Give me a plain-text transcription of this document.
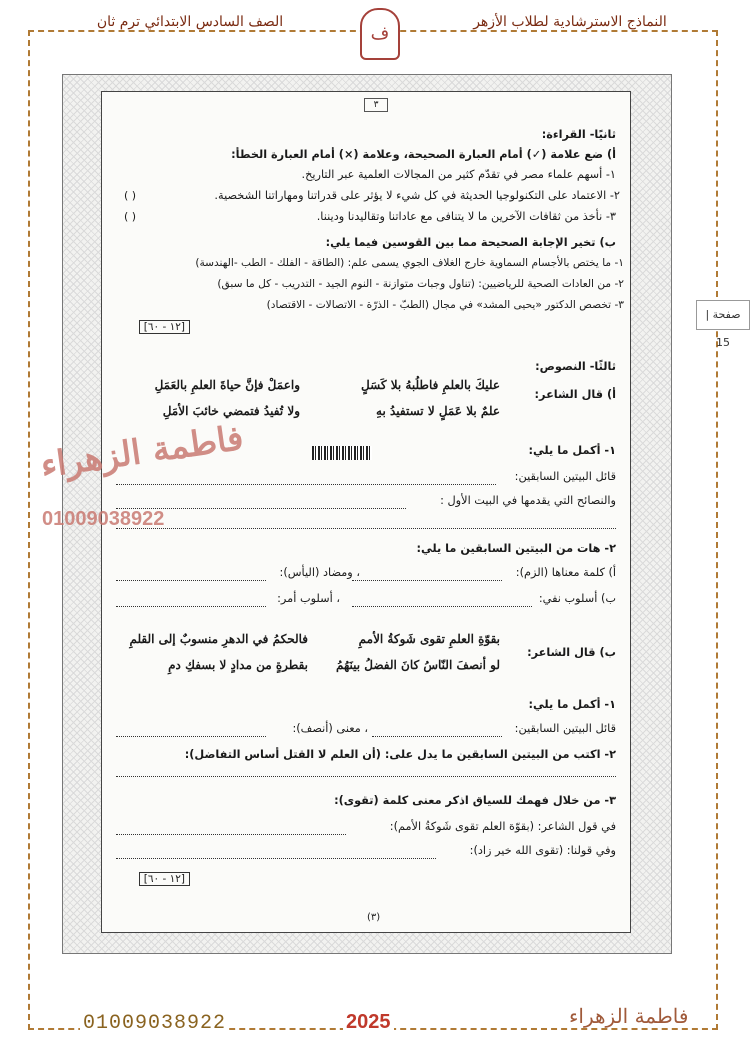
النماذج الاسترشادية لطلاب الأزهر
ف
الصف السادس الابتدائي ترم ثان
٣
ثانيًا- القراءة:
أ) ضع علامة (✓) أمام العبارة الصحيحة، وعلامة (×) أمام العبارة الخطأ:
١- أسهم علماء مصر في تقدّم كثير من المجالات العلمية عبر التاريخ.
٢- الاعتماد على التكنولوجيا الحديثة في كل شيء لا يؤثر على قدراتنا ومهاراتنا الشخصية.
( )
٣- نأخذ من ثقافات الآخرين ما لا يتنافى مع عاداتنا وتقاليدنا وديننا.
( )
ب) تخير الإجابة الصحيحة مما بين القوسين فيما يلي:
١- ما يختص بالأجسام السماوية خارج الغلاف الجوي يسمى علم: (الطاقة - الفلك - الطب -الهندسة)
٢- من العادات الصحية للرياضيين: (تناول وجبات متوازنة - النوم الجيد - التدريب - كل ما سبق)
٣- تخصص الدكتور «يحيى المشد» في مجال (الطبّ - الذرّة - الاتصالات - الاقتصاد)
[١٢ - ٦٠]
ثالثًا- النصوص:
أ) قال الشاعر:
عليكَ بالعلمِ فاطلُبهُ بلا كَسَلٍ
واعمَلْ فإنَّ حياةَ العلمِ بالعَمَلِ
علمٌ بلا عَمَلٍ لا تستفيدُ بهِ
ولا تُفيدُ فتمضي خائبَ الأمَلِ
١- أكمل ما يلي:
قائل البيتين السابقين:
والنصائح التي يقدمها في البيت الأول :
٢- هات من البيتين السابقين ما يلي:
أ) كلمة معناها (الزم):
، ومضاد (اليأس):
ب) أسلوب نفي:
، أسلوب أمر:
ب) قال الشاعر:
بقوّةِ العلمِ تقوى شَوكةُ الأممِ
فالحكمُ في الدهرِ منسوبٌ إلى القلمِ
لو أنصفَ النّاسُ كانَ الفضلُ بينَهُمُ
بقطرةٍ من مدادٍ لا بسفكِ دمِ
١- أكمل ما يلي:
قائل البيتين السابقين:
، معنى (أنصف):
٢- اكتب من البيتين السابقين ما يدل على: (أن العلم لا القتل أساس التفاضل):
٣- من خلال فهمك للسياق اذكر معنى كلمة (تقوى):
في قول الشاعر: (بقوّة العلم تقوى شَوكةُ الأمم):
وفي قولنا: (تقوى الله خير زاد):
[١٢ - ٦٠]
(٣)
صفحة | 15
فاطمة الزهراء
01009038922
01009038922	2025	فاطمة الزهراء
